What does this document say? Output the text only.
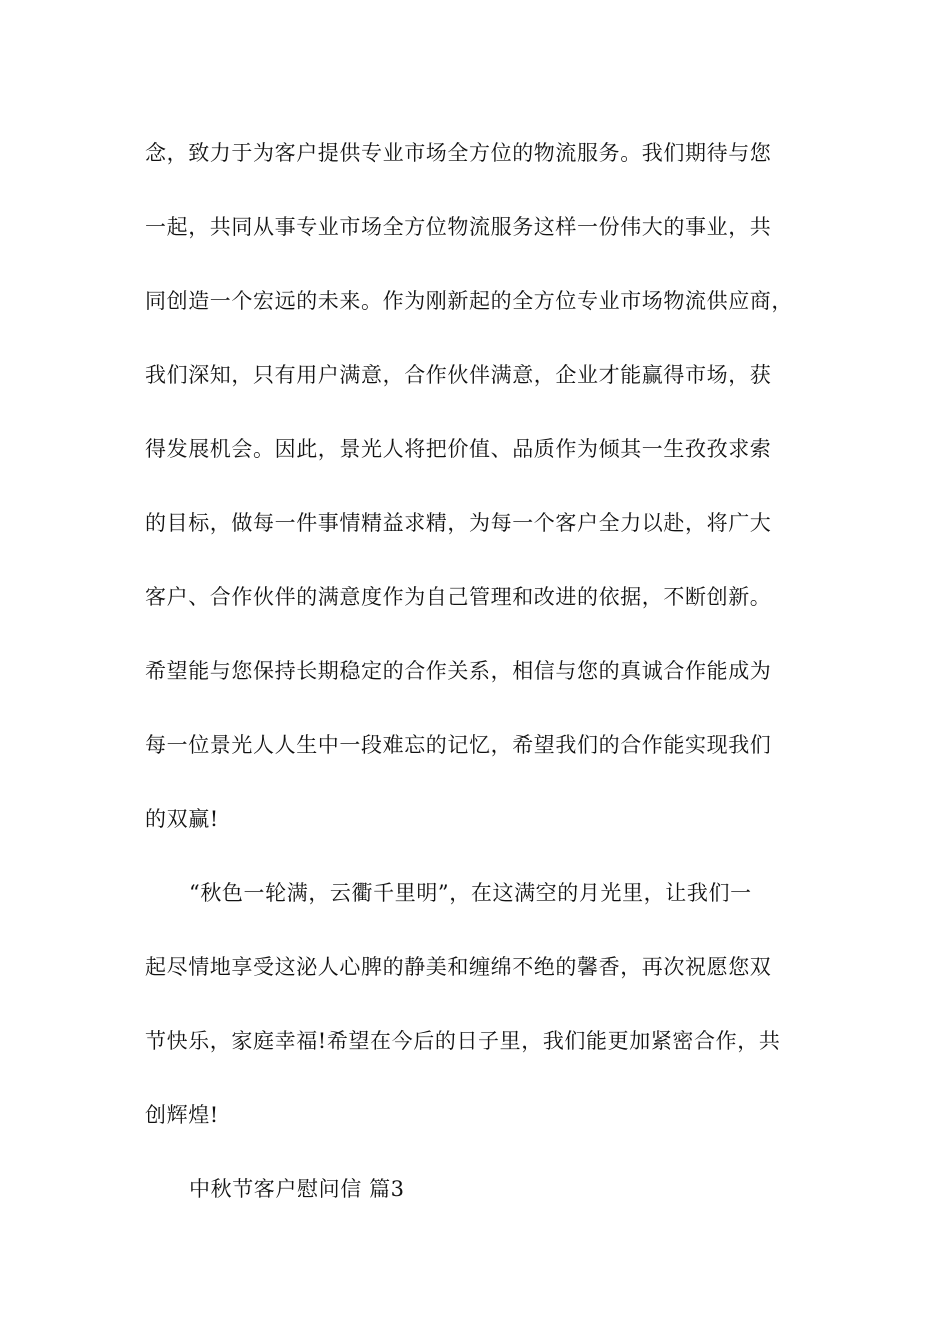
念，致力于为客户提供专业市场全方位的物流服务。我们期待与您
一起，共同从事专业市场全方位物流服务这样一份伟大的事业，共
同创造一个宏远的未来。作为刚新起的全方位专业市场物流供应商，
我们深知，只有用户满意，合作伙伴满意，企业才能赢得市场，获
得发展机会。因此，景光人将把价值、品质作为倾其一生孜孜求索
的目标，做每一件事情精益求精，为每一个客户全力以赴，将广大
客户、合作伙伴的满意度作为自己管理和改进的依据，不断创新。
希望能与您保持长期稳定的合作关系，相信与您的真诚合作能成为
每一位景光人人生中一段难忘的记忆，希望我们的合作能实现我们
的双赢!
“秋色一轮满，云衢千里明”，在这满空的月光里，让我们一
起尽情地享受这泌人心脾的静美和缠绵不绝的馨香，再次祝愿您双
节快乐，家庭幸福!希望在今后的日子里，我们能更加紧密合作，共
创辉煌!
中秋节客户慰问信 篇3
